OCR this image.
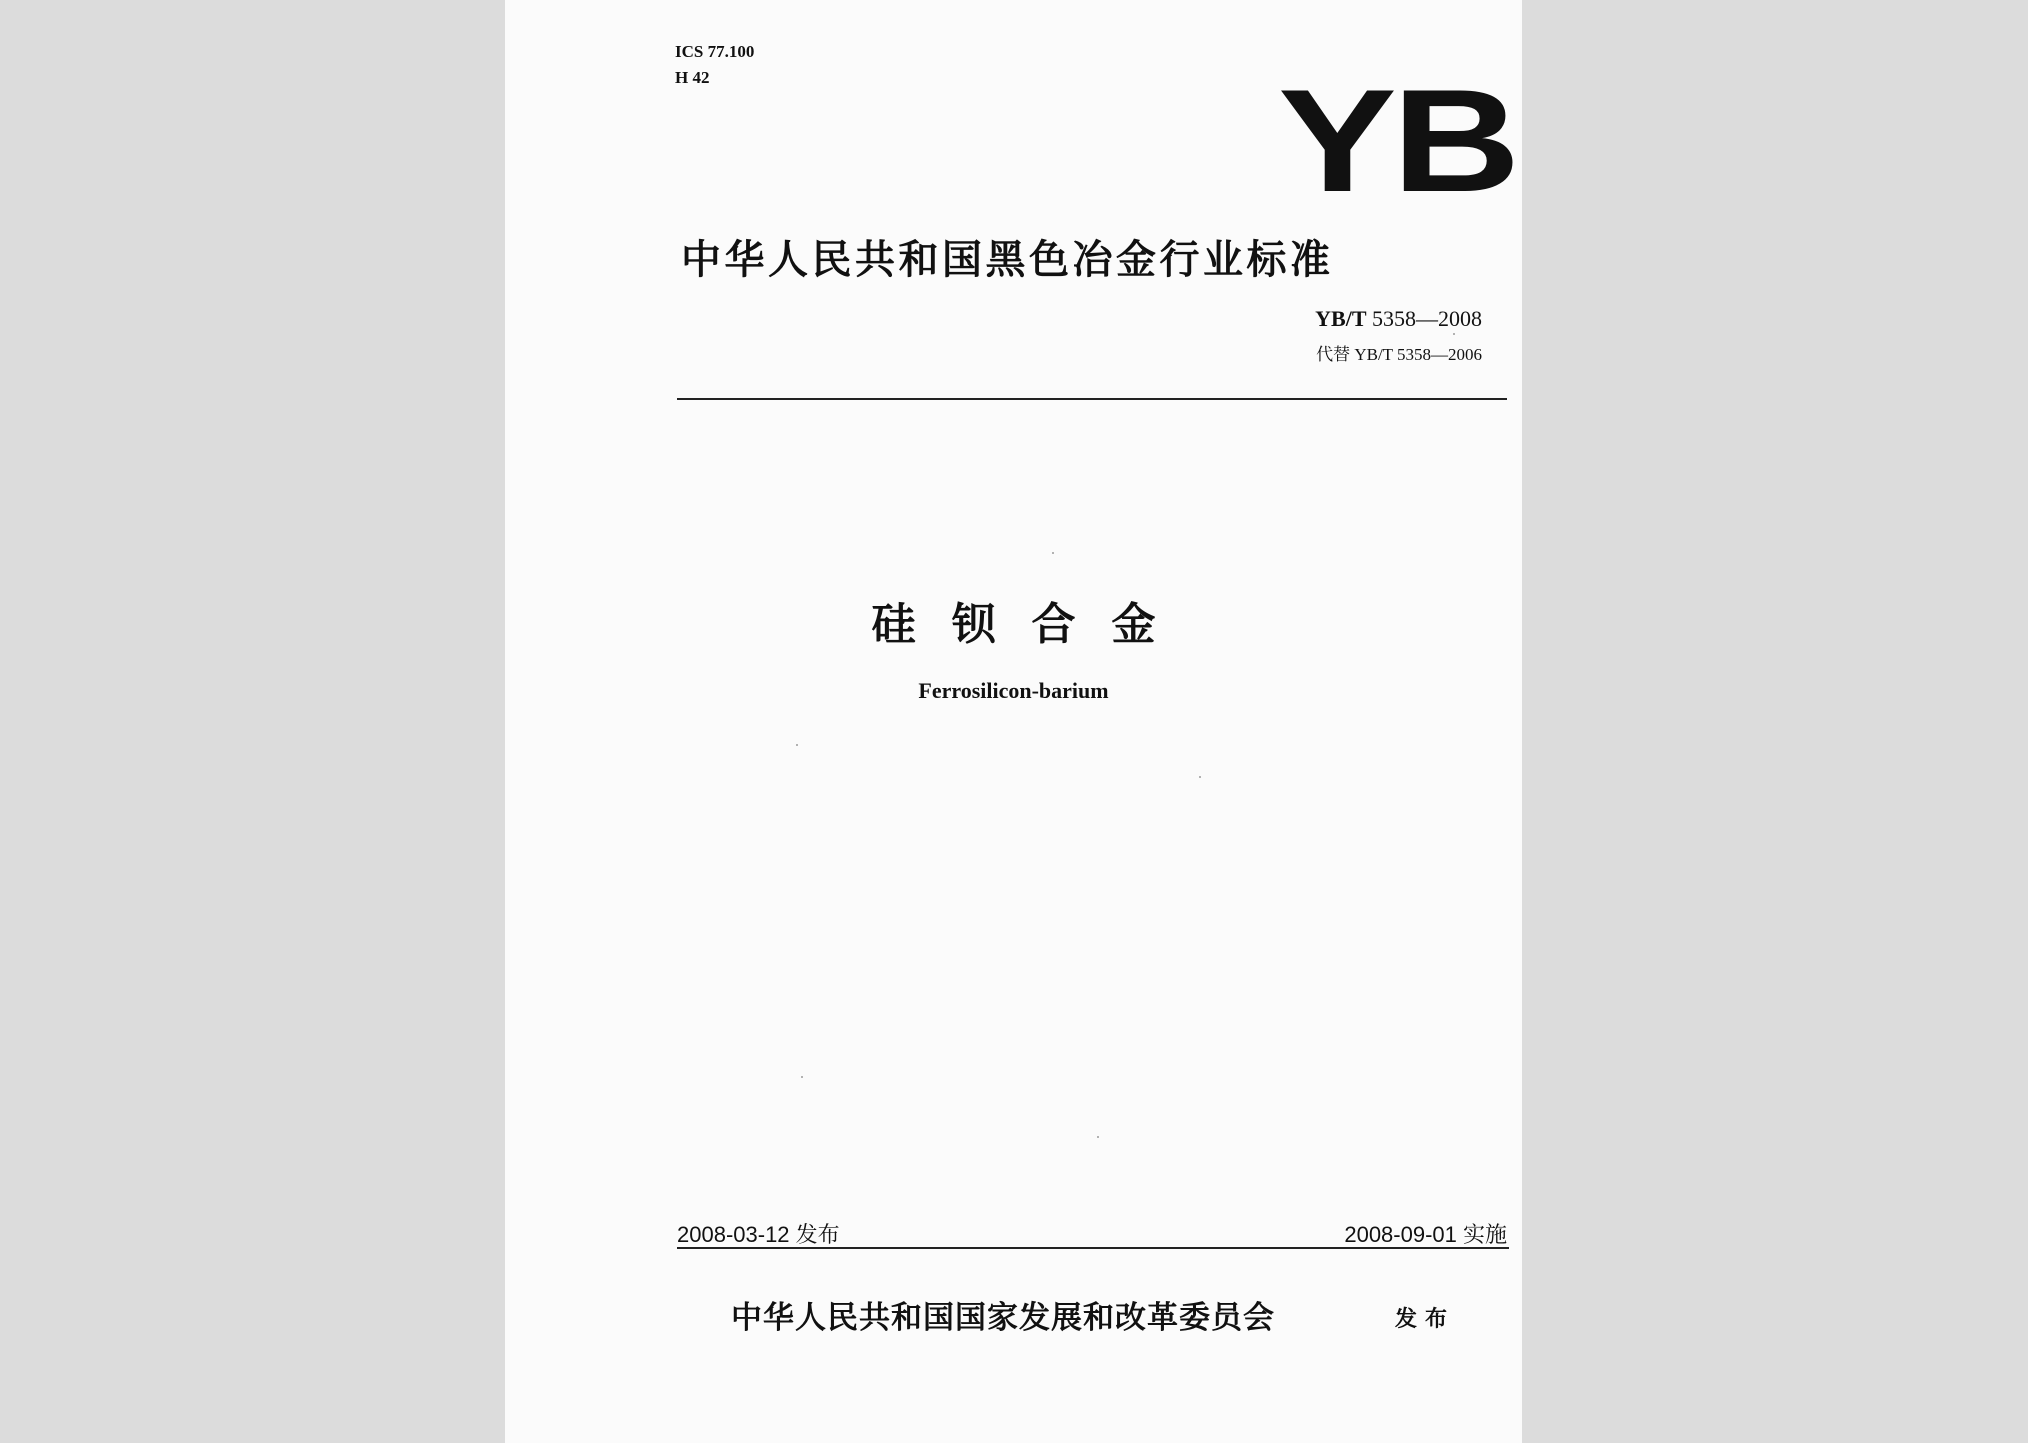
ICS 77.100
H 42	YB
中华人民共和国黑色冶金行业标准
YB/T 5358—2008
代替 YB/T 5358—2006
硅钡合金
Ferrosilicon-barium
2008-03-12 发布	2008-09-01 实施
中华人民共和国国家发展和改革委员会	发布
